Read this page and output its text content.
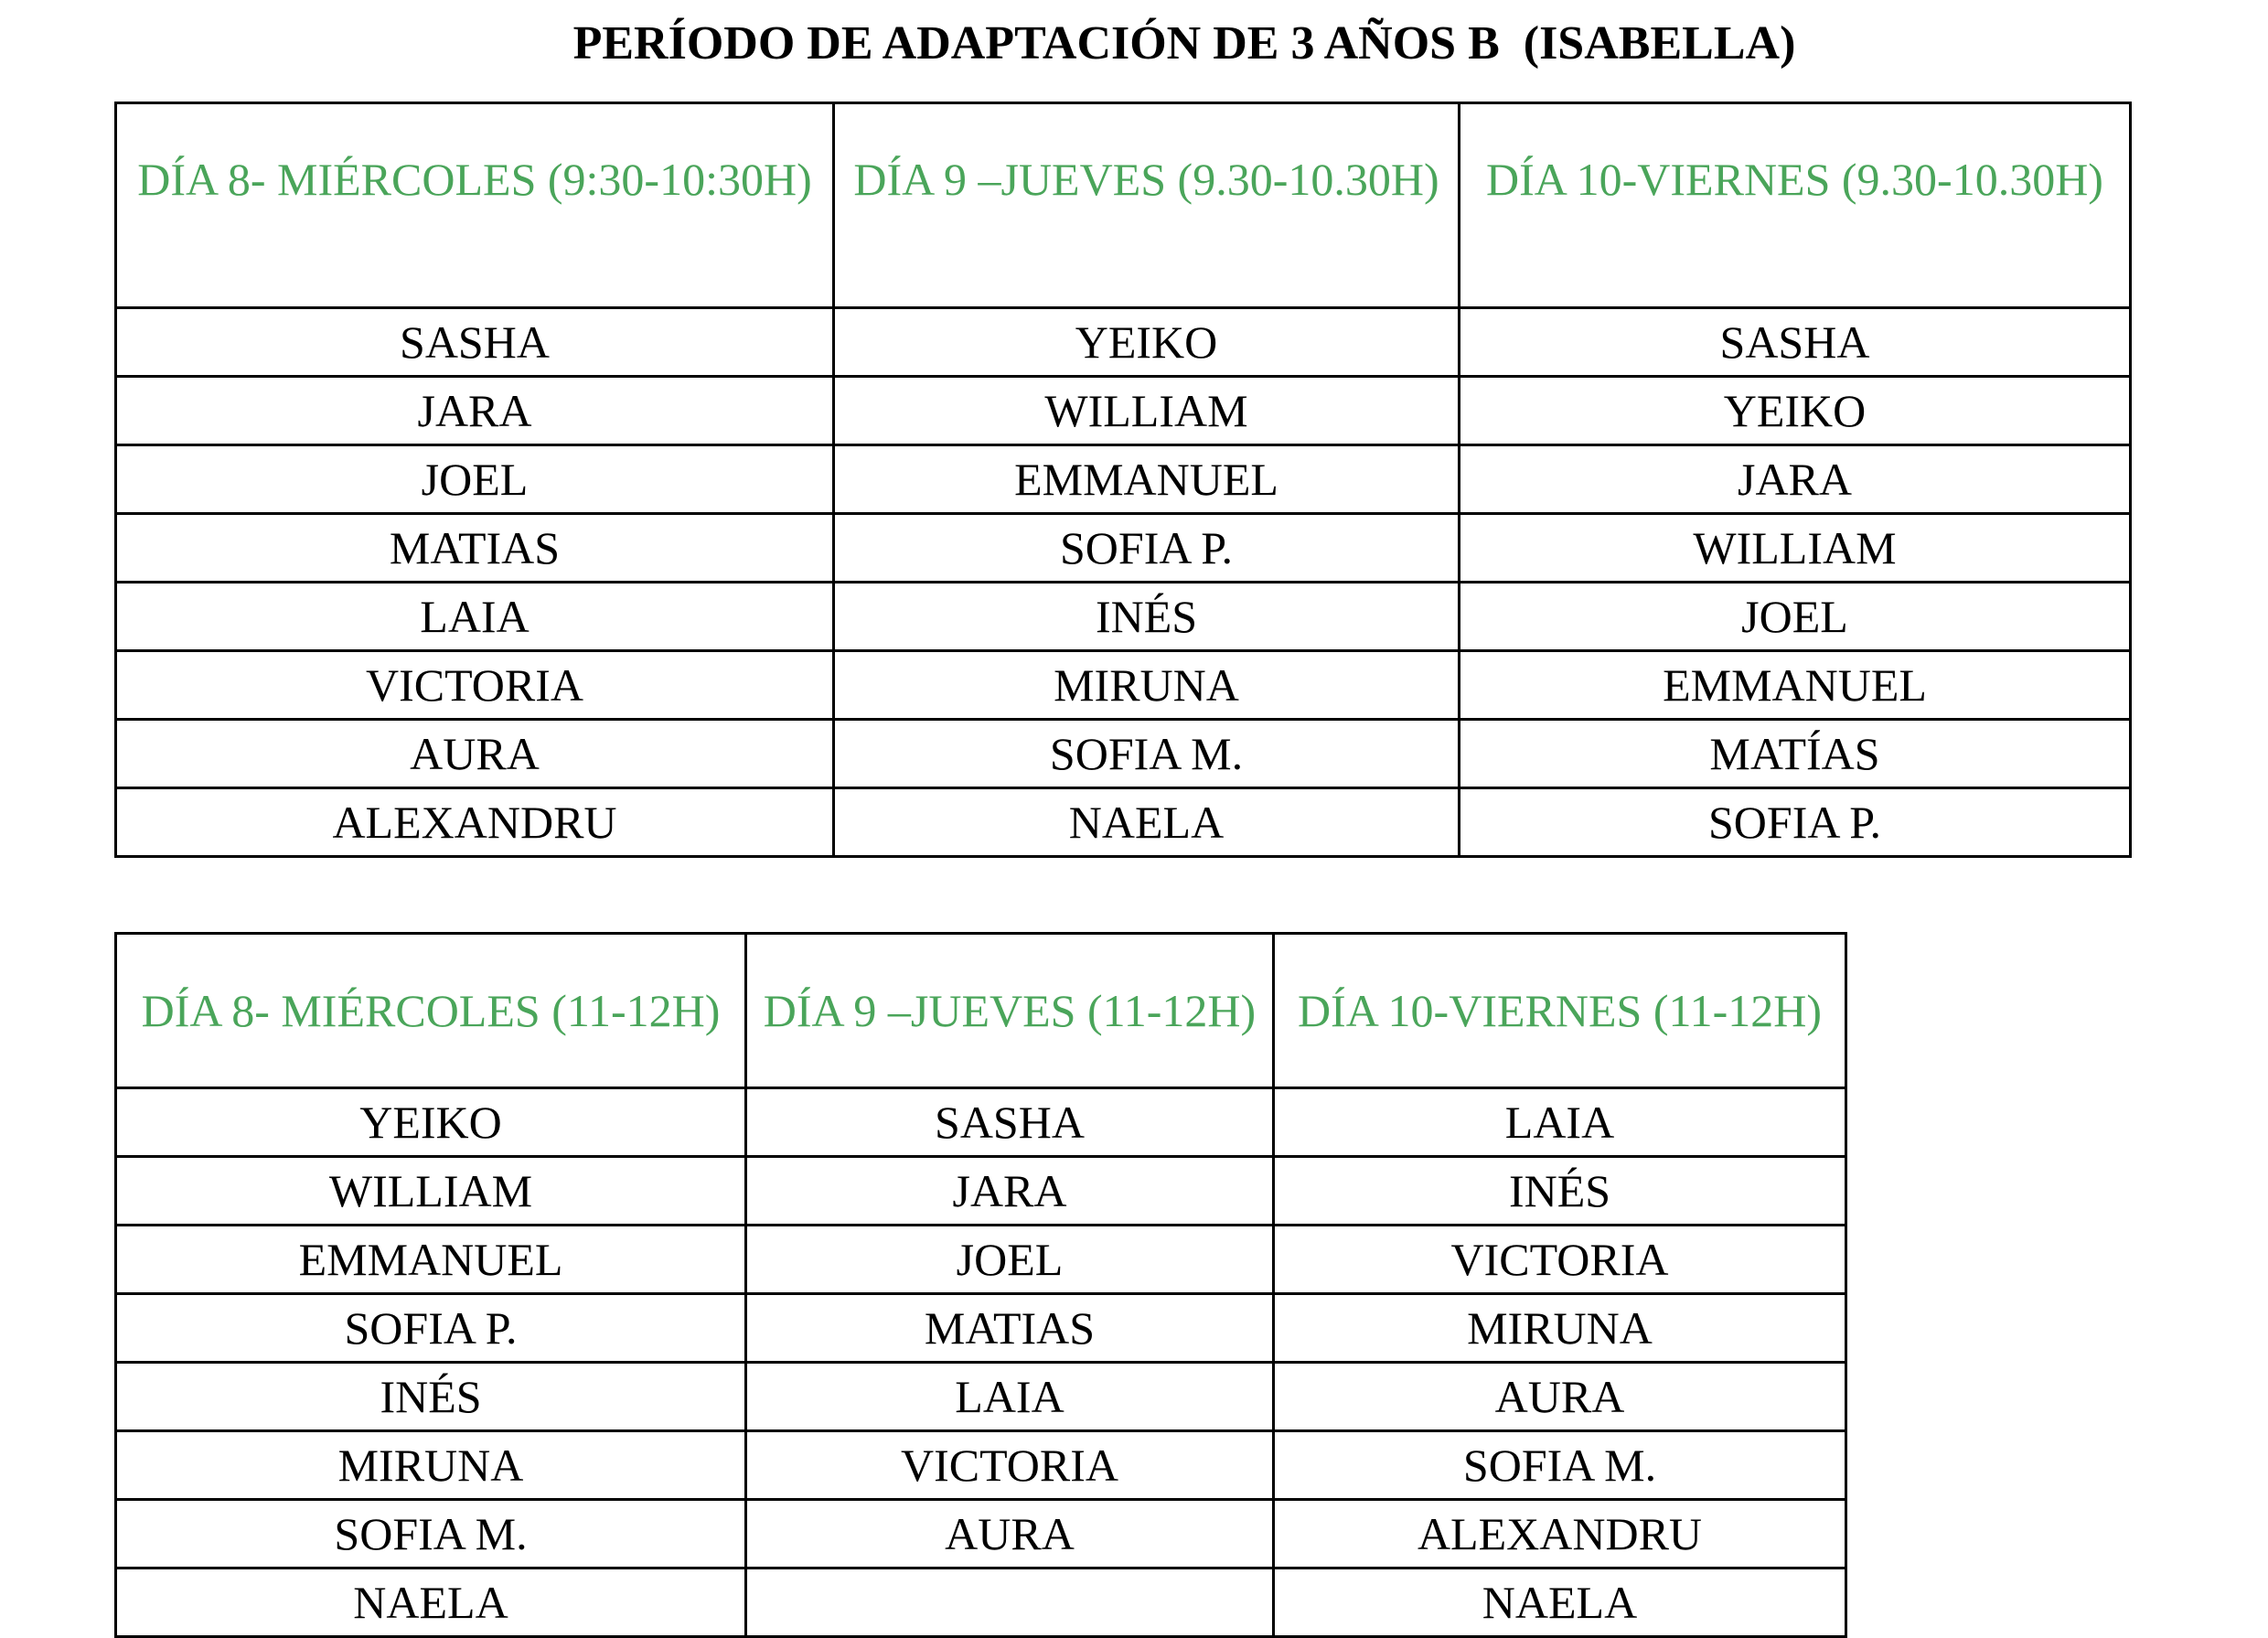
PERÍODO DE ADAPTACIÓN DE 3 AÑOS B  (ISABELLA)
DÍA 8- MIÉRCOLES (9:30-10:30H)	DÍA 9 –JUEVES (9.30-10.30H)	DÍA 10-VIERNES (9.30-10.30H)
SASHA	YEIKO	SASHA
JARA	WILLIAM	YEIKO
JOEL	EMMANUEL	JARA
MATIAS	SOFIA P.	WILLIAM
LAIA	INÉS	JOEL
VICTORIA	MIRUNA	EMMANUEL
AURA	SOFIA M.	MATÍAS
ALEXANDRU	NAELA	SOFIA P.
DÍA 8- MIÉRCOLES (11-12H)	DÍA 9 –JUEVES (11-12H)	DÍA 10-VIERNES (11-12H)
YEIKO	SASHA	LAIA
WILLIAM	JARA	INÉS
EMMANUEL	JOEL	VICTORIA
SOFIA P.	MATIAS	MIRUNA
INÉS	LAIA	AURA
MIRUNA	VICTORIA	SOFIA M.
SOFIA M.	AURA	ALEXANDRU
NAELA		NAELA
